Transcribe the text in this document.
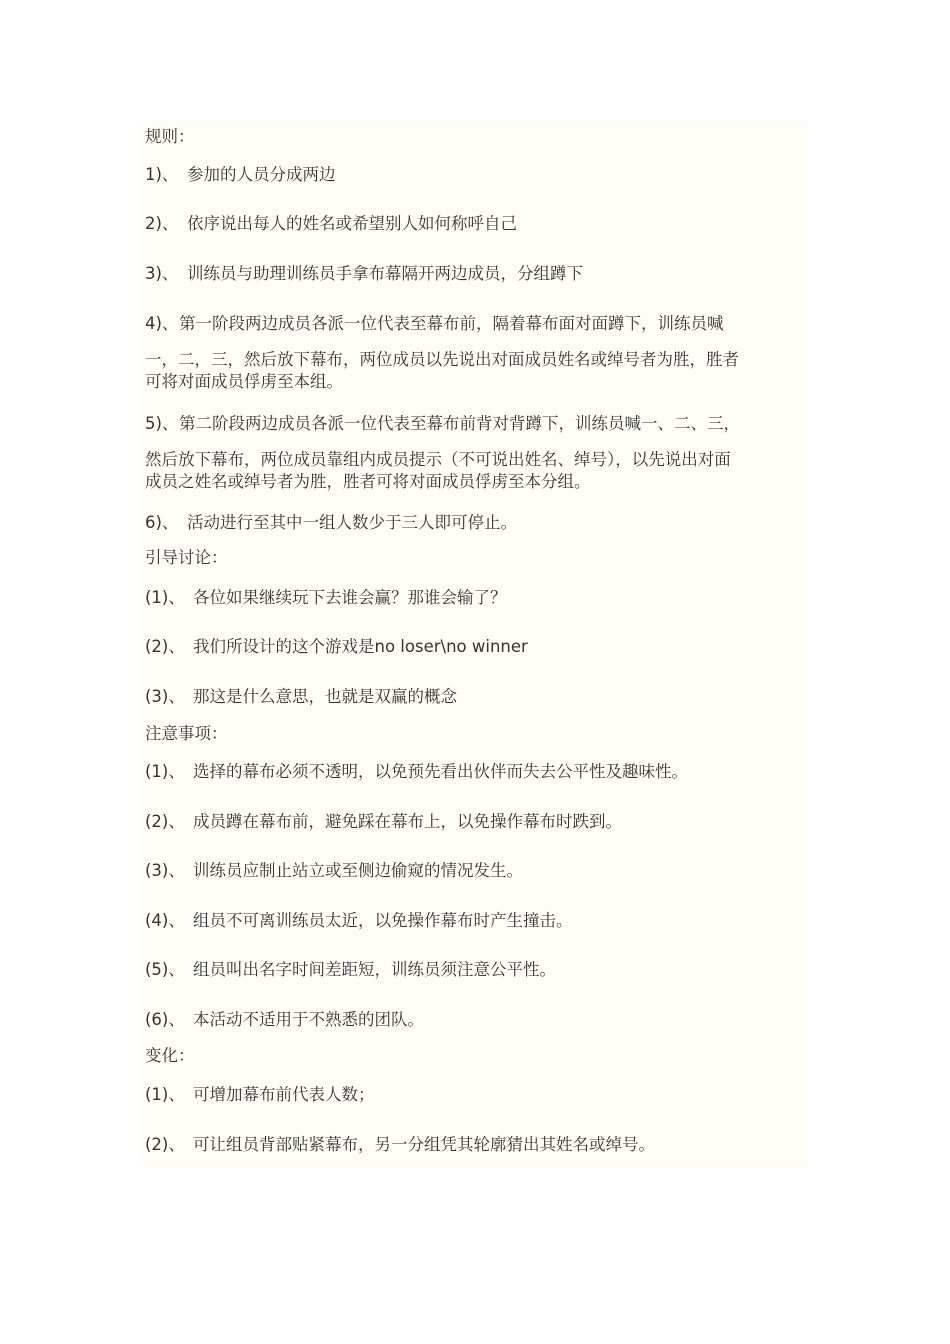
规则：
1)、 参加的人员分成两边
2)、 依序说出每人的姓名或希望别人如何称呼自己
3)、 训练员与助理训练员手拿布幕隔开两边成员，分组蹲下
4)、第一阶段两边成员各派一位代表至幕布前，隔着幕布面对面蹲下，训练员喊
一，二，三，然后放下幕布，两位成员以先说出对面成员姓名或绰号者为胜，胜者
可将对面成员俘虏至本组。
5)、第二阶段两边成员各派一位代表至幕布前背对背蹲下，训练员喊一、二、三，
然后放下幕布，两位成员靠组内成员提示（不可说出姓名、绰号），以先说出对面
成员之姓名或绰号者为胜，胜者可将对面成员俘虏至本分组。
6)、 活动进行至其中一组人数少于三人即可停止。
引导讨论：
(1)、 各位如果继续玩下去谁会赢？那谁会输了？
(2)、 我们所设计的这个游戏是no loser\no winner
(3)、 那这是什么意思，也就是双赢的概念
注意事项：
(1)、 选择的幕布必须不透明，以免预先看出伙伴而失去公平性及趣味性。
(2)、 成员蹲在幕布前，避免踩在幕布上，以免操作幕布时跌到。
(3)、 训练员应制止站立或至侧边偷窥的情况发生。
(4)、 组员不可离训练员太近，以免操作幕布时产生撞击。
(5)、 组员叫出名字时间差距短，训练员须注意公平性。
(6)、 本活动不适用于不熟悉的团队。
变化：
(1)、 可增加幕布前代表人数；
(2)、 可让组员背部贴紧幕布，另一分组凭其轮廓猜出其姓名或绰号。
